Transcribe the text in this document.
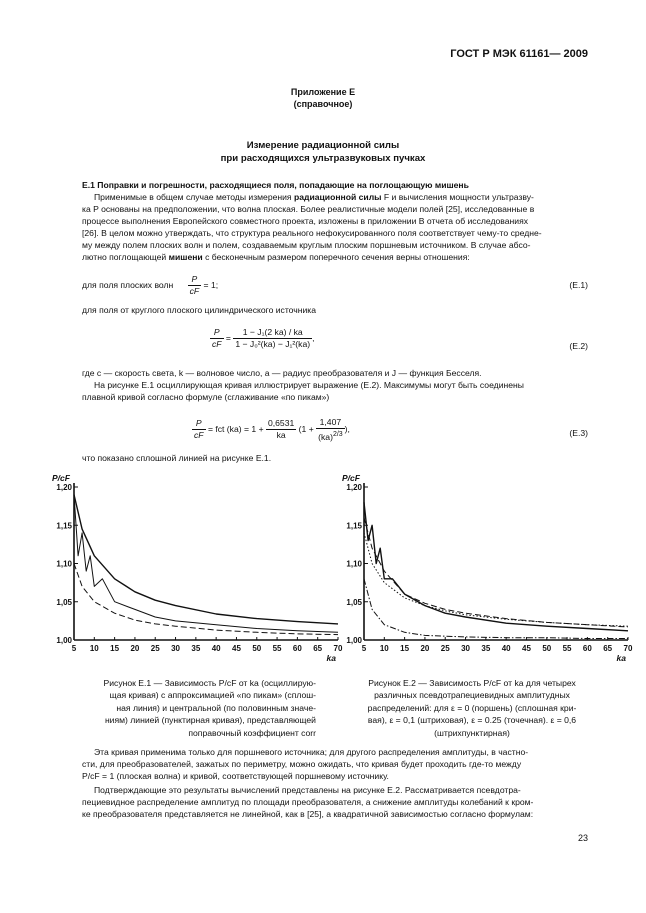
ГОСТ Р МЭК 61161— 2009
Приложение Е
(справочное)
Измерение радиационной силы
при расходящихся ультразвуковых пучках
Е.1 Поправки и погрешности, расходящиеся поля, попадающие на поглощающую мишень
Применимые в общем случае методы измерения радиационной силы F и вычисления мощности ультразву-
ка P основаны на предположении, что волна плоская. Более реалистичные модели полей [25], исследованные в
процессе выполнения Европейского совместного проекта, изложены в приложении В отчета об исследованиях
[26]. В целом можно утверждать, что структура реального нефокусированного поля соответствует чему-то средне-
му между полем плоских волн и полем, создаваемым круглым плоским поршневым источником. В случае абсо-
лютно поглощающей мишени с бесконечным размером поперечного сечения верны отношения:
для поля плоских волн $\frac{P}{cF} = 1$;	(E.1)
для поля от круглого плоского цилиндрического источника
$\frac{P}{cF} = \frac{\text{1 − J₁(2 ka) / ka}}{\text{1 − J₀²(ka) − J₁²(ka)}}$ ,
(E.2)
где c — скорость света, k — волновое число, a — радиус преобразователя и J — функция Бесселя.
На рисунке Е.1 осциллирующая кривая иллюстрирует выражение (Е.2). Максимумы могут быть соединены
плавной кривой согласно формуле (сглаживание «по пикам»)
$\frac{P}{cF}$ = fct $(ka) = 1 + \frac{0,6531}{ka} (1 + \frac{1,407}{(ka)^{2/3}}$ ),	(E.3)
что показано сплошной линией на рисунке Е.1.
1,00
1,05
1,10
1,15
1,20
5 10 15 20 25 30 35 40 45 50 55 60 65 70
P/cF
ka
1,00
1,05
1,10
1,15
1,20
5 10 15 20 25 30 35 40 45 50 55 60 65 70
P/cF
ka
Рисунок Е.1 — Зависимость P/cF от ka (осциллирую-
щая кривая) с аппроксимацией «по пикам» (сплош-
ная линия) и центральной (по половинным значе-
ниям) линией (пунктирная кривая), представляющей
поправочный коэффициент corr
Рисунок Е.2 — Зависимость P/cF от ka для четырех
различных псевдотрапециевидных амплитудных
распределений: для ε = 0 (поршень) (сплошная кри-
вая), ε = 0,1 (штриховая), ε = 0.25 (точечная). ε = 0,6
(штрихпунктирная)
Эта кривая применима только для поршневого источника; для другого распределения амплитуды, в частно-
сти, для преобразователей, зажатых по периметру, можно ожидать, что кривая будет проходить где-то между
P/cF = 1 (плоская волна) и кривой, соответствующей поршневому источнику.
Подтверждающие это результаты вычислений представлены на рисунке Е.2. Рассматривается псевдотра-
пециевидное распределение амплитуд по площади преобразователя, а снижение амплитуды колебаний к кром-
ке преобразователя представляется не линейной, как в [25], а квадратичной зависимостью согласно формулам:
23
